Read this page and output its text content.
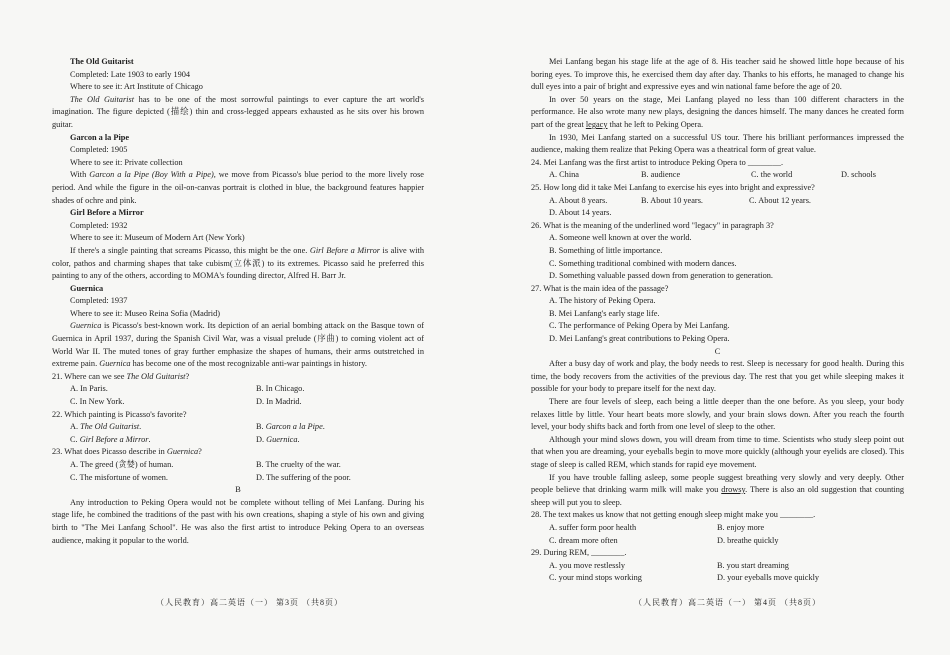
The Old Guitarist

Completed: Late 1903 to early 1904

Where to see it: Art Institute of Chicago

The Old Guitarist has to be one of the most sorrowful paintings to ever capture the art world's imagination. The figure depicted (描绘) thin and cross-legged appears exhausted as he sits over his brown guitar.

Garcon a la Pipe

Completed: 1905

Where to see it: Private collection

With Garcon a la Pipe (Boy With a Pipe), we move from Picasso's blue period to the more lively rose period. And while the figure in the oil-on-canvas portrait is clothed in blue, the background features happier shades of ochre and pink.

Girl Before a Mirror

Completed: 1932

Where to see it: Museum of Modern Art (New York)

If there's a single painting that screams Picasso, this might be the one. Girl Before a Mirror is alive with color, pathos and charming shapes that take cubism(立体派) to its extremes. Picasso said he preferred this painting to any of the others, according to MOMA's founding director, Alfred H. Barr Jr.

Guernica

Completed: 1937

Where to see it: Museo Reina Sofia (Madrid)

Guernica is Picasso's best-known work. Its depiction of an aerial bombing attack on the Basque town of Guernica in April 1937, during the Spanish Civil War, was a visual prelude (序曲) to coming violent act of World War II. The muted tones of gray further emphasize the shapes of humans, their arms outstretched in extreme pain. Guernica has become one of the most recognizable anti-war paintings in history.

21. Where can we see The Old Guitarist?

A. In Paris.	B. In Chicago.
C. In New York.	D. In Madrid.

22. Which painting is Picasso's favorite?

A. The Old Guitarist.	B. Garcon a la Pipe.
C. Girl Before a Mirror.	D. Guernica.

23. What does Picasso describe in Guernica?

A. The greed (贪婪) of human.	B. The cruelty of the war.
C. The misfortune of women.	D. The suffering of the poor.

B

Any introduction to Peking Opera would not be complete without telling of Mei Lanfang. During his stage life, he combined the traditions of the past with his own creations, shaping a style of his own and giving birth to "The Mei Lanfang School". He was also the first artist to introduce Peking Opera to an overseas audience, making it popular to the world.

Mei Lanfang began his stage life at the age of 8. His teacher said he showed little hope because of his boring eyes. To improve this, he exercised them day after day. Thanks to his efforts, he managed to change his dull eyes into a pair of bright and expressive eyes and win national fame before the age of 20.

In over 50 years on the stage, Mei Lanfang played no less than 100 different characters in the performance. He also wrote many new plays, designing the dances himself. The many dances he created form part of the great legacy that he left to Peking Opera.

In 1930, Mei Lanfang started on a successful US tour. There his brilliant performances impressed the audience, making them realize that Peking Opera was a theatrical form of great value.

24. Mei Lanfang was the first artist to introduce Peking Opera to ________.

A. China	B. audience	C. the world	D. schools

25. How long did it take Mei Lanfang to exercise his eyes into bright and expressive?

A. About 8 years.	B. About 10 years.	C. About 12 years.

D. About 14 years.

26. What is the meaning of the underlined word "legacy" in paragraph 3?

A. Someone well known at over the world.

B. Something of little importance.

C. Something traditional combined with modern dances.

D. Something valuable passed down from generation to generation.

27. What is the main idea of the passage?

A. The history of Peking Opera.

B. Mei Lanfang's early stage life.

C. The performance of Peking Opera by Mei Lanfang.

D. Mei Lanfang's great contributions to Peking Opera.

C

After a busy day of work and play, the body needs to rest. Sleep is necessary for good health. During this time, the body recovers from the activities of the previous day. The rest that you get while sleeping makes it possible for your body to prepare itself for the next day.

There are four levels of sleep, each being a little deeper than the one before. As you sleep, your body relaxes little by little. Your heart beats more slowly, and your brain slows down. After you reach the fourth level, your body shifts back and forth from one level of sleep to the other.

Although your mind slows down, you will dream from time to time. Scientists who study sleep point out that when you are dreaming, your eyeballs begin to move more quickly (although your eyelids are closed). This stage of sleep is called REM, which stands for rapid eye movement.

If you have trouble falling asleep, some people suggest breathing very slowly and very deeply. Other people believe that drinking warm milk will make you drowsy. There is also an old suggestion that counting sheep will put you to sleep.

28. The text makes us know that not getting enough sleep might make you ________.

A. suffer form poor health	B. enjoy more
C. dream more often	D. breathe quickly

29. During REM, ________.

A. you move restlessly	B. you start dreaming
C. your mind stops working	D. your eyeballs move quickly
（人民教育）高二英语（一） 第3页 （共8页）	（人民教育）高二英语（一） 第4页 （共8页）
